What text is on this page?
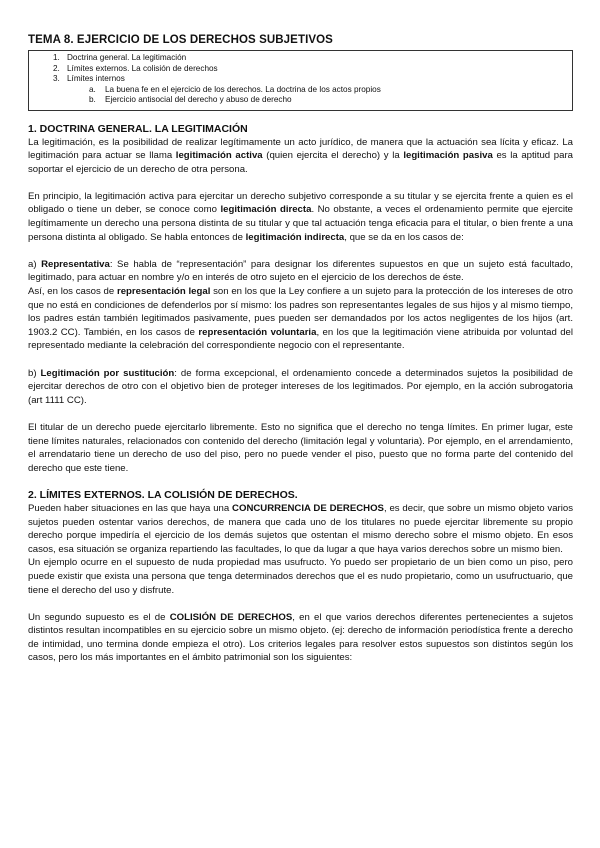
TEMA 8. EJERCICIO DE LOS DERECHOS SUBJETIVOS
1. Doctrina general. La legitimación
2. Límites externos. La colisión de derechos
3. Límites internos
a.	La buena fe en el ejercicio de los derechos. La doctrina de los actos propios
b.	Ejercicio antisocial del derecho y abuso de derecho
1. DOCTRINA GENERAL. LA LEGITIMACIÓN

La legitimación, es la posibilidad de realizar legítimamente un acto jurídico, de manera que la actuación sea lícita y eficaz. La legitimación para actuar se llama legitimación activa (quien ejercita el derecho) y la legitimación pasiva es la aptitud para soportar el ejercicio de un derecho de otra persona.

En principio, la legitimación activa para ejercitar un derecho subjetivo corresponde a su titular y se ejercita frente a quien es el obligado o tiene un deber, se conoce como legitimación directa. No obstante, a veces el ordenamiento permite que ejercite legítimamente un derecho una persona distinta de su titular y que tal actuación tenga eficacia para el titular, o bien frente a una persona distinta al obligado. Se habla entonces de legitimación indirecta, que se da en los casos de:

a) Representativa: Se habla de “representación” para designar los diferentes supuestos en que un sujeto está facultado, legitimado, para actuar en nombre y/o en interés de otro sujeto en el ejercicio de los derechos de éste.

Así, en los casos de representación legal son en los que la Ley confiere a un sujeto para la protección de los intereses de otro que no está en condiciones de defenderlos por sí mismo: los padres son representantes legales de sus hijos y al mismo tiempo, los padres están también legitimados pasivamente, pues pueden ser demandados por los actos negligentes de los hijos (art. 1903.2 CC). También, en los casos de representación voluntaria, en los que la legitimación viene atribuida por voluntad del representado mediante la celebración del correspondiente negocio con el representante.

b) Legitimación por sustitución: de forma excepcional, el ordenamiento concede a determinados sujetos la posibilidad de ejercitar derechos de otro con el objetivo bien de proteger intereses de los legitimados. Por ejemplo, en la acción subrogatoria (art 1111 CC).

El titular de un derecho puede ejercitarlo libremente. Esto no significa que el derecho no tenga límites. En primer lugar, este tiene límites naturales, relacionados con contenido del derecho (limitación legal y voluntaria). Por ejemplo, en el arrendamiento, el arrendatario tiene un derecho de uso del piso, pero no puede vender el piso, puesto que no forma parte del contenido del derecho que este tiene.

2. LÍMITES EXTERNOS. LA COLISIÓN DE DERECHOS.

Pueden haber situaciones en las que haya una CONCURRENCIA DE DERECHOS, es decir, que sobre un mismo objeto varios sujetos pueden ostentar varios derechos, de manera que cada uno de los titulares no puede ejercitar libremente su propio derecho porque impediría el ejercicio de los demás sujetos que ostentan el mismo derecho sobre el mismo objeto. En esos casos, esa situación se organiza repartiendo las facultades, lo que da lugar a que haya varios derechos sobre un mismo bien.

Un ejemplo ocurre en el supuesto de nuda propiedad mas usufructo. Yo puedo ser propietario de un bien como un piso, pero puede existir que exista una persona que tenga determinados derechos que el es nudo propietario, como un usufructuario, que tiene el derecho del uso y disfrute.

Un segundo supuesto es el de COLISIÓN DE DERECHOS, en el que varios derechos diferentes pertenecientes a sujetos distintos resultan incompatibles en su ejercicio sobre un mismo objeto. (ej: derecho de información periodística frente a derecho de intimidad, uno termina donde empieza el otro). Los criterios legales para resolver estos supuestos son distintos según los casos, pero los más importantes en el ámbito patrimonial son los siguientes:
